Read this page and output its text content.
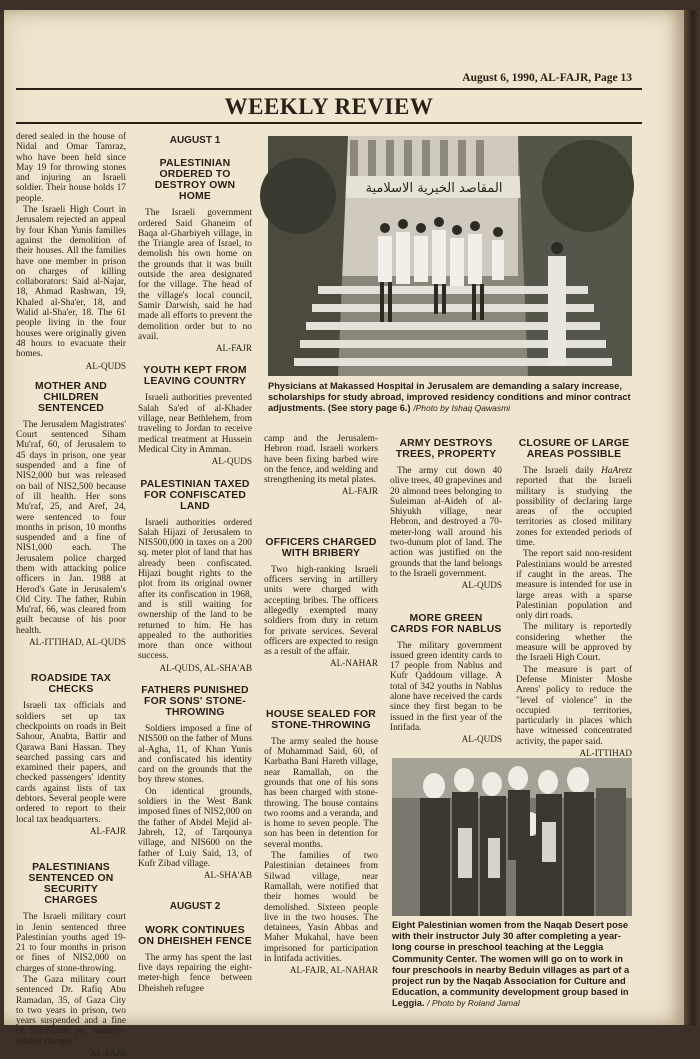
August 6, 1990, AL-FAJR, Page 13
WEEKLY REVIEW

dered sealed in the house of Nidal and Omar Tamraz, who have been held since May 19 for throwing stones and injuring an Israeli soldier. Their house holds 17 people.

The Israeli High Court in Jerusalem rejected an appeal by four Khan Yunis families against the demolition of their houses. All the families have one member in prison on charges of killing collaborators: Said al-Najar, 18, Ahmad Rashwan, 19, Khaled al-Sha'er, 18, and Walid al-Sha'er, 18. The 61 people living in the four houses were originally given 48 hours to evacuate their homes.

AL-QUDS

MOTHER AND CHILDREN SENTENCED

The Jerusalem Magistrates' Court sentenced Siham Mu'raf, 60, of Jerusalem to 45 days in prison, one year suspended and a fine of NIS2,000 but was released on bail of NIS2,500 because of ill health. Her sons Mu'raf, 25, and Aref, 24, were sentenced to four months in prison, 10 months suspended and a fine of NIS1,000 each. The Jerusalem police charged them with attacking police officers in Jan. 1988 at Herod's Gate in Jerusalem's Old City. The father, Rubin Mu'raf, 66, was cleared from guilt because of his poor health.

AL-ITTIHAD, AL-QUDS

ROADSIDE TAX CHECKS

Israeli tax officials and soldiers set up tax checkpoints on roads in Beit Sahour, Anabta, Battir and Qarawa Bani Hassan. They searched passing cars and examined their papers, and checked passengers' identity cards against lists of tax debtors. Several people were ordered to report to their local tax headquarters.

AL-FAJR

PALESTINIANS SENTENCED ON SECURITY CHARGES

The Israeli military court in Jenin sentenced three Palestinian youths aged 19-21 to four months in prison or fines of NIS2,000 on charges of stone-throwing.

The Gaza military court sentenced Dr. Rafiq Abu Ramadan, 35, of Gaza City to two years in prison, two years suspended and a fine of NIS10,000 on "security-related charges."

AL-FAJR

AUGUST 1
PALESTINIAN ORDERED TO DESTROY OWN HOME

The Israeli government ordered Said Ghaneim of Baqa al-Gharbiyeh village, in the Triangle area of Israel, to demolish his own home on the grounds that it was built outside the area designated for the village. The head of the village's local council, Samir Darwish, said he had made all efforts to prevent the demolition order but to no avail.

AL-FAJR

YOUTH KEPT FROM LEAVING COUNTRY

Israeli authorities prevented Salah Sa'ed of al-Khader village, near Bethlehem, from traveling to Jordan to receive medical treatment at Hussein Medical City in Amman.

AL-QUDS

PALESTINIAN TAXED FOR CONFISCATED LAND

Israeli authorities ordered Salah Hijazi of Jerusalem to NIS500,000 in taxes on a 200 sq. meter plot of land that has already been confiscated. Hijazi bought rights to the plot from its original owner after its confiscation in 1968, and is still waiting for ownership of the land to be returned to him. He has appealed to the authorities more than once without success.

AL-QUDS, AL-SHA'AB

FATHERS PUNISHED FOR SONS' STONE-THROWING

Soldiers imposed a fine of NIS500 on the father of Muns al-Agha, 11, of Khan Yunis and confiscated his identity card on the grounds that the boy threw stones.

On identical grounds, soldiers in the West Bank imposed fines of NIS2,000 on the father of Abdel Mejid al-Jabreh, 12, of Tarqounya village, and NIS600 on the father of Luiy Said, 13, of Kufr Zibad village.

AL-SHA'AB

AUGUST 2
WORK CONTINUES ON DHEISHEH FENCE

The army has spent the last five days repairing the eight-meter-high fence between Dheisheh refugee

المقاصد الخيرية الاسلامية
Physicians at Makassed Hospital in Jerusalem are demanding a salary increase, scholarships for study abroad, improved residency conditions and minor contract adjustments. (See story page 6.) /Photo by Ishaq Qawasmi

camp and the Jerusalem-Hebron road. Israeli workers have been fixing barbed wire on the fence, and welding and strengthening its metal plates.

AL-FAJR

OFFICERS CHARGED WITH BRIBERY

Two high-ranking Israeli officers serving in artillery units were charged with accepting bribes. The officers allegedly exempted many soldiers from duty in return for private services. Several officers are expected to resign as a result of the affair.

AL-NAHAR

HOUSE SEALED FOR STONE-THROWING

The army sealed the house of Muhammad Said, 60, of Karbatha Bani Hareth village, near Ramallah, on the grounds that one of his sons has been charged with stone-throwing. The house contains two rooms and a veranda, and is home to seven people. The son has been in detention for several months.

The families of two Palestinian detainees from Silwad village, near Ramallah, were notified that their homes would be demolished. Sixteen people live in the two houses. The detainees, Yasin Abbas and Maher Mukahal, have been imprisoned for participation in Intifada activities.

AL-FAJR, AL-NAHAR

ARMY DESTROYS TREES, PROPERTY

The army cut down 40 olive trees, 40 grapevines and 20 almond trees belonging to Suleiman al-Aideh of al-Shiyukh village, near Hebron, and destroyed a 70-meter-long wall around his two-dunum plot of land. The action was justified on the grounds that the land belongs to the Israeli government.

AL-QUDS

MORE GREEN CARDS FOR NABLUS

The military government issued green identity cards to 17 people from Nablus and Kufr Qaddoum village. A total of 342 youths in Nablus alone have received the cards since they first began to be issued in the first year of the Intifada.

AL-QUDS

CLOSURE OF LARGE AREAS POSSIBLE

The Israeli daily HaAretz reported that the Israeli military is studying the possibility of declaring large areas of the occupied territories as closed military zones for extended periods of time.

The report said non-resident Palestinians would be arrested if caught in the areas. The measure is intended for use in large areas with a sparse Palestinian population and only dirt roads.

The military is reportedly considering whether the measure will be approved by the Israeli High Court.

The measure is part of Defense Minister Moshe Arens' policy to reduce the "level of violence" in the occupied territories, particularly in places which have witnessed concentrated activity, the paper said.

AL-ITTIHAD

Eight Palestinian women from the Naqab Desert pose with their instructor July 30 after completing a year-long course in preschool teaching at the Leggia Community Center. The women will go on to work in four preschools in nearby Beduin villages as part of a project run by the Naqab Association for Culture and Education, a community development group based in Leggia. / Photo by Roland Jamal
